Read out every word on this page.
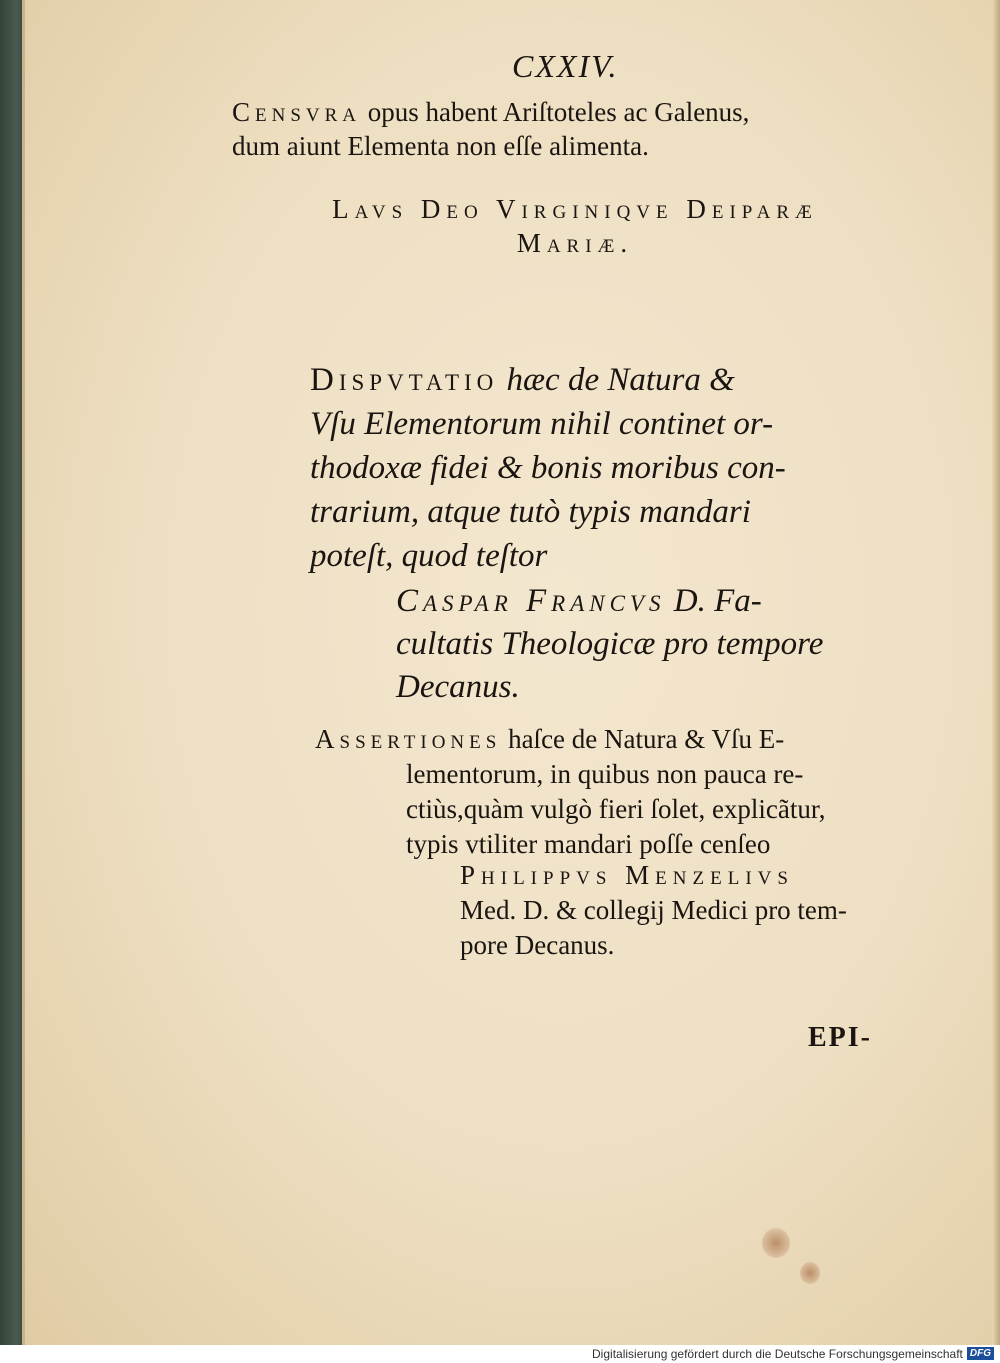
CXXIV.
Censvra opus habent Ariſtoteles ac Galenus,
dum aiunt Elementa non eſſe alimenta.
Lavs Deo Virginiqve Deiparæ
Mariæ.
Dispvtatio hæc de Natura &
Vſu Elementorum nihil continet or-
thodoxæ fidei & bonis moribus con-
trarium, atque tutò typis mandari
poteſt, quod teſtor
Caspar Francvs D. Fa-
cultatis Theologicæ pro tempore
Decanus.
Assertiones haſce de Natura & Vſu E-
lementorum, in quibus non pauca re-
ctiùs,quàm vulgò fieri ſolet, explicãtur,
typis vtiliter mandari poſſe cenſeo
Philippvs Menzelivs
Med. D. & collegij Medici pro tem-
pore Decanus.
EPI-
Digitalisierung gefördert durch die Deutsche Forschungsgemeinschaft DFG
